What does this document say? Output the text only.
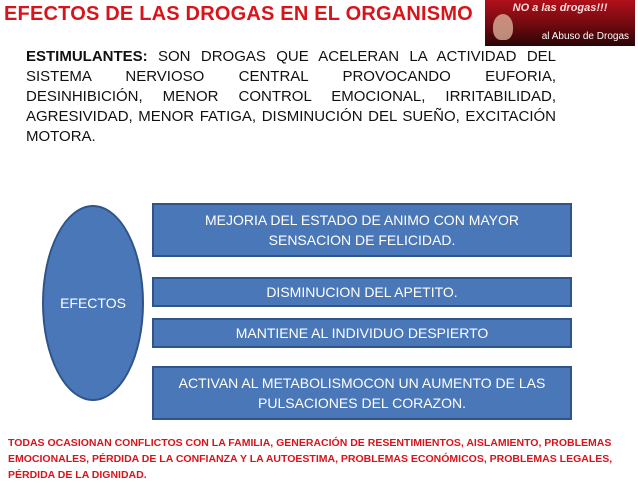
EFECTOS DE LAS DROGAS EN EL ORGANISMO	NO a las drogas!!!
al Abuso de Drogas
ESTIMULANTES: SON DROGAS QUE ACELERAN LA ACTIVIDAD DEL SISTEMA NERVIOSO CENTRAL PROVOCANDO EUFORIA, DESINHIBICIÓN, MENOR CONTROL EMOCIONAL, IRRITABILIDAD, AGRESIVIDAD, MENOR FATIGA, DISMINUCIÓN DEL SUEÑO, EXCITACIÓN MOTORA.
EFECTOS
MEJORIA DEL ESTADO DE ANIMO CON MAYOR SENSACION DE FELICIDAD.
DISMINUCION DEL APETITO.
MANTIENE AL INDIVIDUO DESPIERTO
ACTIVAN AL METABOLISMOCON UN AUMENTO DE LAS PULSACIONES DEL CORAZON.
TODAS OCASIONAN CONFLICTOS CON LA FAMILIA, GENERACIÓN DE RESENTIMIENTOS, AISLAMIENTO, PROBLEMAS EMOCIONALES, PÉRDIDA DE LA CONFIANZA Y LA AUTOESTIMA, PROBLEMAS ECONÓMICOS, PROBLEMAS LEGALES, PÉRDIDA DE LA DIGNIDAD.
